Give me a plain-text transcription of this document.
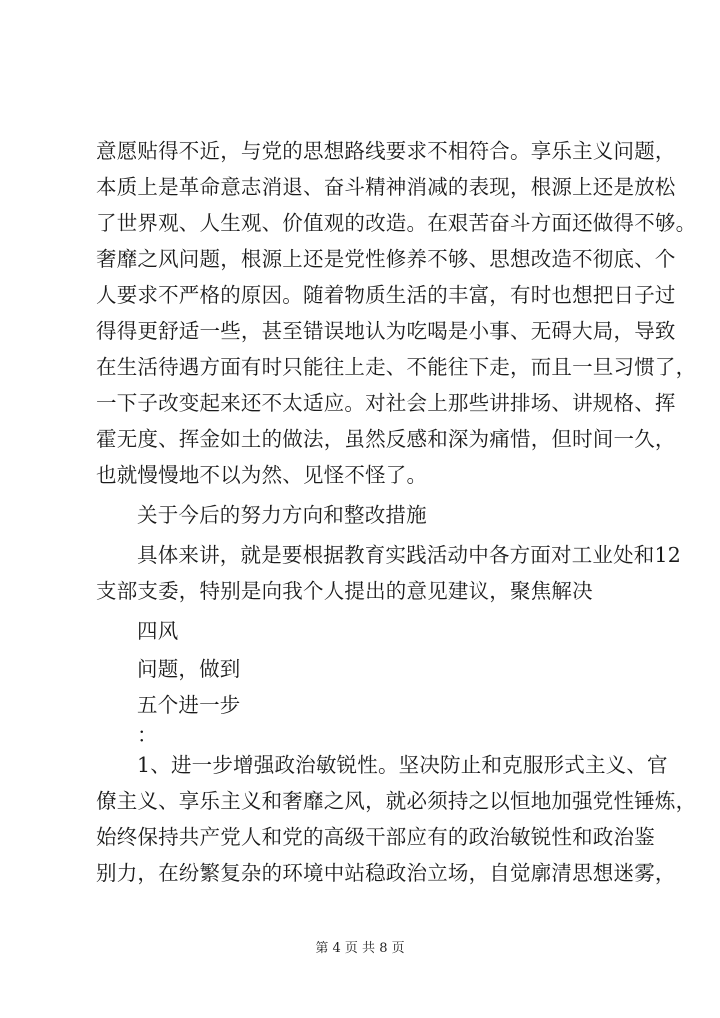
意愿贴得不近，与党的思想路线要求不相符合。享乐主义问题，
本质上是革命意志消退、奋斗精神消减的表现，根源上还是放松
了世界观、人生观、价值观的改造。在艰苦奋斗方面还做得不够。
奢靡之风问题，根源上还是党性修养不够、思想改造不彻底、个
人要求不严格的原因。随着物质生活的丰富，有时也想把日子过
得得更舒适一些，甚至错误地认为吃喝是小事、无碍大局，导致
在生活待遇方面有时只能往上走、不能往下走，而且一旦习惯了，
一下子改变起来还不太适应。对社会上那些讲排场、讲规格、挥
霍无度、挥金如土的做法，虽然反感和深为痛惜，但时间一久，
也就慢慢地不以为然、见怪不怪了。
关于今后的努力方向和整改措施
具体来讲，就是要根据教育实践活动中各方面对工业处和12
支部支委，特别是向我个人提出的意见建议，聚焦解决
四风
问题，做到
五个进一步
：
1、进一步增强政治敏锐性。坚决防止和克服形式主义、官
僚主义、享乐主义和奢靡之风，就必须持之以恒地加强党性锤炼，
始终保持共产党人和党的高级干部应有的政治敏锐性和政治鉴
别力，在纷繁复杂的环境中站稳政治立场，自觉廓清思想迷雾，
第 4 页 共 8 页
